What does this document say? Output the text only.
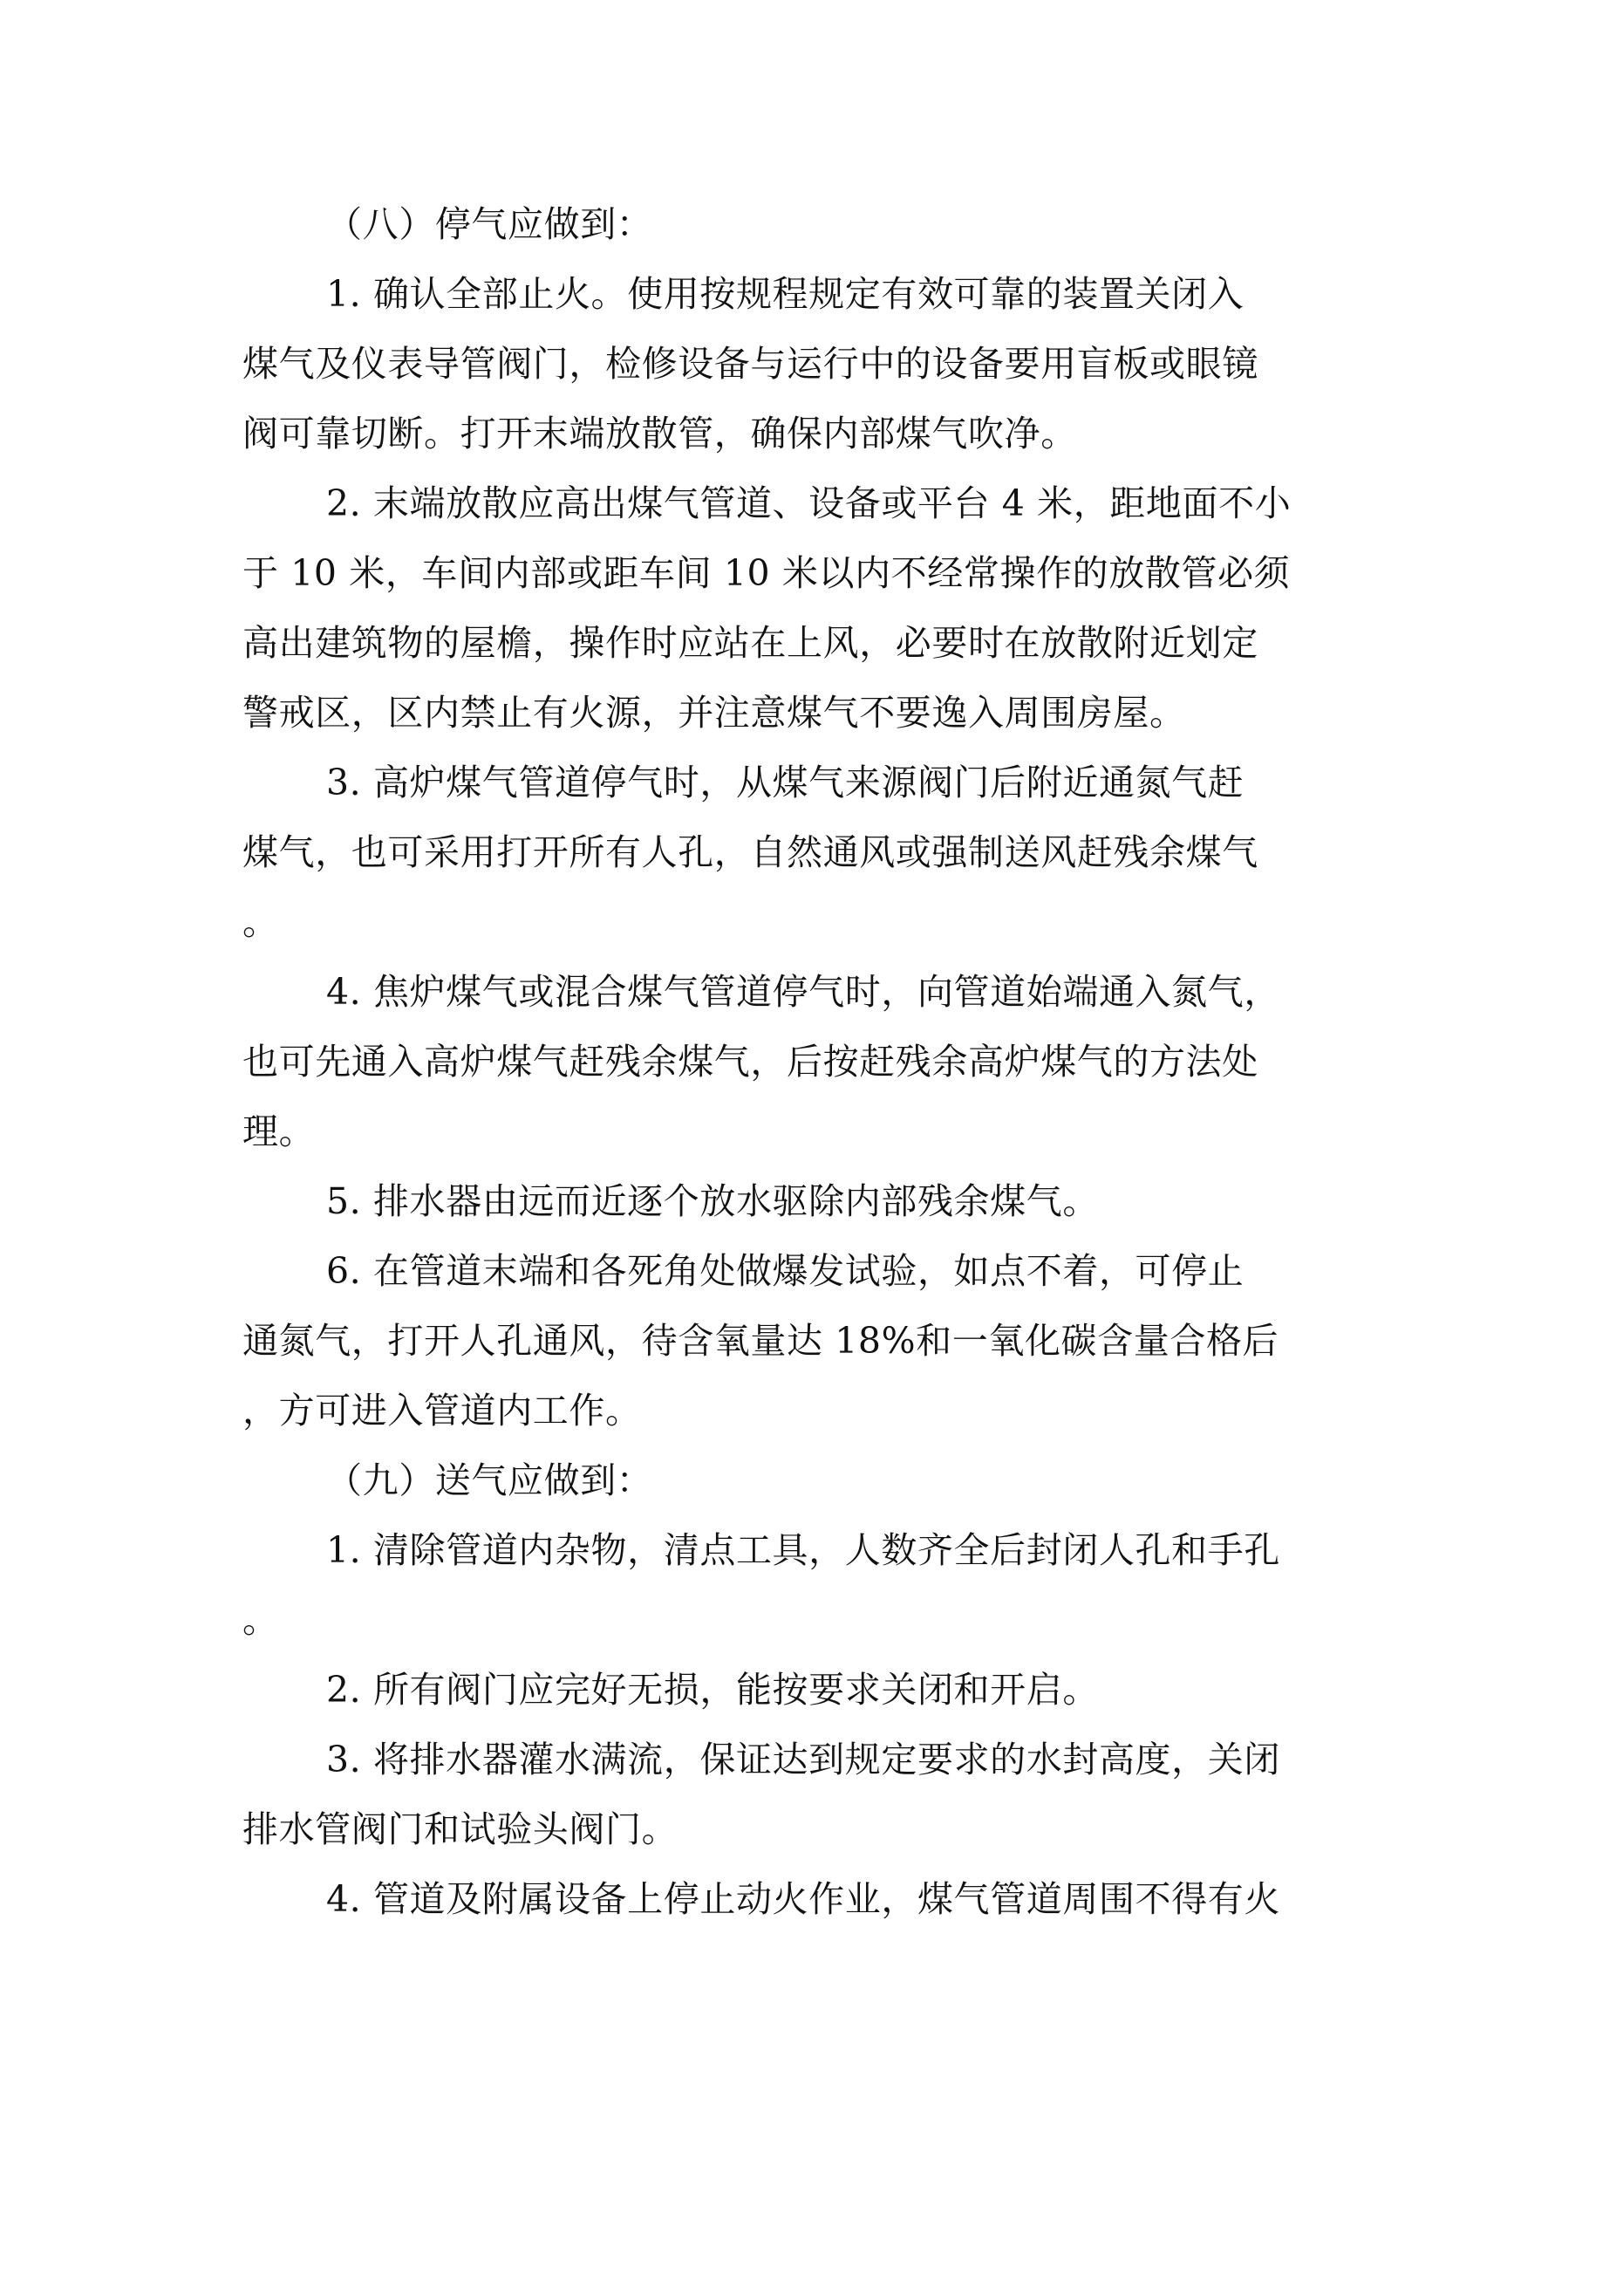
（八）停气应做到：
1. 确认全部止火。使用按规程规定有效可靠的装置关闭入
煤气及仪表导管阀门，检修设备与运行中的设备要用盲板或眼镜
阀可靠切断。打开末端放散管，确保内部煤气吹净。
2. 末端放散应高出煤气管道、设备或平台 4 米，距地面不小
于 10 米，车间内部或距车间 10 米以内不经常操作的放散管必须
高出建筑物的屋檐，操作时应站在上风，必要时在放散附近划定
警戒区，区内禁止有火源，并注意煤气不要逸入周围房屋。
3. 高炉煤气管道停气时，从煤气来源阀门后附近通氮气赶
煤气，也可采用打开所有人孔，自然通风或强制送风赶残余煤气
。
4. 焦炉煤气或混合煤气管道停气时，向管道始端通入氮气，
也可先通入高炉煤气赶残余煤气，后按赶残余高炉煤气的方法处
理。
5. 排水器由远而近逐个放水驱除内部残余煤气。
6. 在管道末端和各死角处做爆发试验，如点不着，可停止
通氮气，打开人孔通风，待含氧量达 18%和一氧化碳含量合格后
，方可进入管道内工作。
（九）送气应做到：
1. 清除管道内杂物，清点工具，人数齐全后封闭人孔和手孔
。
2. 所有阀门应完好无损，能按要求关闭和开启。
3. 将排水器灌水满流，保证达到规定要求的水封高度，关闭
排水管阀门和试验头阀门。
4. 管道及附属设备上停止动火作业，煤气管道周围不得有火
